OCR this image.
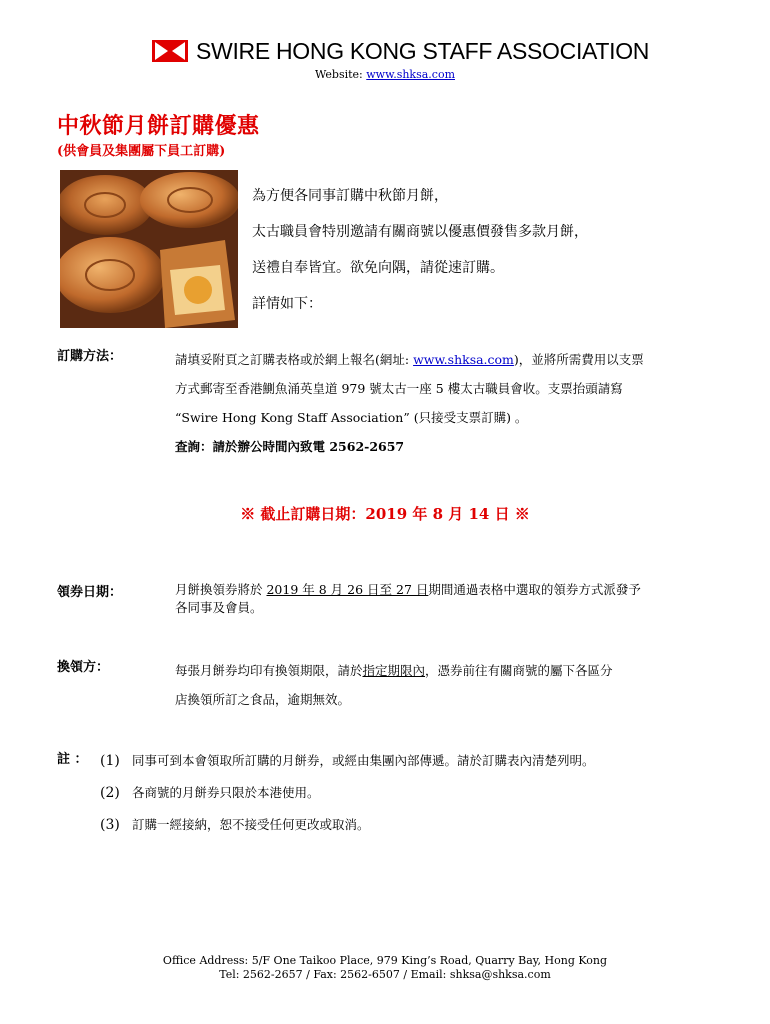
SWIRE HONG KONG STAFF ASSOCIATION
Website: www.shksa.com
中秋節月餅訂購優惠
(供會員及集團屬下員工訂購)
為方便各同事訂購中秋節月餅，
太古職員會特別邀請有關商號以優惠價發售多款月餅，
送禮自奉皆宜。欲免向隅，請從速訂購。
詳情如下：
訂購方法：	請填妥附頁之訂購表格或於網上報名(網址: www.shksa.com)，並將所需費用以支票
方式郵寄至香港鰂魚涌英皇道 979 號太古一座 5 樓太古職員會收。支票抬頭請寫
“Swire Hong Kong Staff Association” (只接受支票訂購) 。
查詢：請於辦公時間內致電 2562-2657
※ 截止訂購日期：2019 年 8 月 14 日 ※
領券日期：	月餅換領券將於 2019 年 8 月 26 日至 27 日期間通過表格中選取的領券方式派發予
各同事及會員。
換領方：	每張月餅券均印有換領期限，請於指定期限內，憑券前往有關商號的屬下各區分
店換領所訂之食品，逾期無效。
註 ： (1) 同事可到本會領取所訂購的月餅券，或經由集團內部傳遞。請於訂購表內清楚列明。
(2) 各商號的月餅券只限於本港使用。
(3) 訂購一經接納，恕不接受任何更改或取消。
Office Address: 5/F One Taikoo Place, 979 King’s Road, Quarry Bay, Hong Kong
Tel: 2562-2657 / Fax: 2562-6507 / Email: shksa@shksa.com
